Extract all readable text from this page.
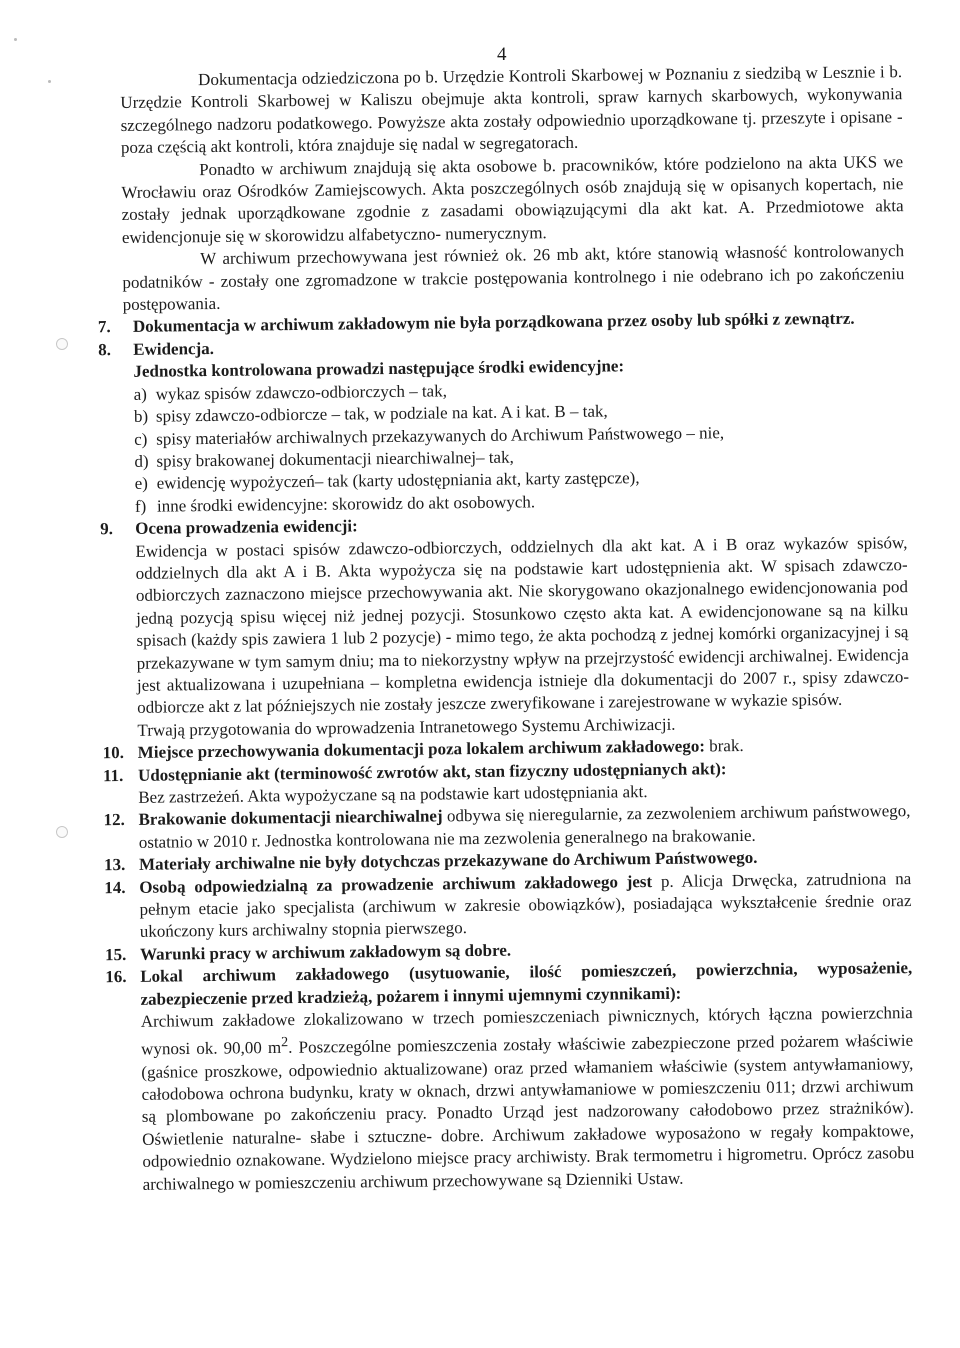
4

Dokumentacja odziedziczona po b. Urzędzie Kontroli Skarbowej w Poznaniu z siedzibą w Lesznie i b. Urzędzie Kontroli Skarbowej w Kaliszu obejmuje akta kontroli, spraw karnych skarbowych, wykonywania szczególnego nadzoru podatkowego. Powyższe akta zostały odpowiednio uporządkowane tj. przeszyte i opisane - poza częścią akt kontroli, która znajduje się nadal w segregatorach.

Ponadto w archiwum znajdują się akta osobowe b. pracowników, które podzielono na akta UKS we Wrocławiu oraz Ośrodków Zamiejscowych. Akta poszczególnych osób znajdują się w opisanych kopertach, nie zostały jednak uporządkowane zgodnie z zasadami obowiązującymi dla akt kat. A. Przedmiotowe akta ewidencjonuje się w skorowidzu alfabetyczno- numerycznym.

W archiwum przechowywana jest również ok. 26 mb akt, które stanowią własność kontrolowanych podatników - zostały one zgromadzone w trakcie postępowania kontrolnego i nie odebrano ich po zakończeniu postępowania.

7. Dokumentacja w archiwum zakładowym nie była porządkowana przez osoby lub spółki z zewnątrz.
8. Ewidencja.
Jednostka kontrolowana prowadzi następujące środki ewidencyjne:
a) wykaz spisów zdawczo-odbiorczych – tak,
b) spisy zdawczo-odbiorcze – tak, w podziale na kat. A i kat. B – tak,
c) spisy materiałów archiwalnych przekazywanych do Archiwum Państwowego – nie,
d) spisy brakowanej dokumentacji niearchiwalnej– tak,
e) ewidencję wypożyczeń– tak (karty udostępniania akt, karty zastępcze),
f) inne środki ewidencyjne: skorowidz do akt osobowych.
9. Ocena prowadzenia ewidencji:

Ewidencja w postaci spisów zdawczo-odbiorczych, oddzielnych dla akt kat. A i B oraz wykazów spisów, oddzielnych dla akt A i B. Akta wypożycza się na podstawie kart udostępnienia akt. W spisach zdawczo-odbiorczych zaznaczono miejsce przechowywania akt. Nie skorygowano okazjonalnego ewidencjonowania pod jedną pozycją spisu więcej niż jednej pozycji. Stosunkowo często akta kat. A ewidencjonowane są na kilku spisach (każdy spis zawiera 1 lub 2 pozycje) - mimo tego, że akta pochodzą z jednej komórki organizacyjnej i są przekazywane w tym samym dniu; ma to niekorzystny wpływ na przejrzystość ewidencji archiwalnej. Ewidencja jest aktualizowana i uzupełniana – kompletna ewidencja istnieje dla dokumentacji do 2007 r., spisy zdawczo-odbiorcze akt z lat późniejszych nie zostały jeszcze zweryfikowane i zarejestrowane w wykazie spisów.

Trwają przygotowania do wprowadzenia Intranetowego Systemu Archiwizacji.

10. Miejsce przechowywania dokumentacji poza lokalem archiwum zakładowego: brak.
11. Udostępnianie akt (terminowość zwrotów akt, stan fizyczny udostępnianych akt):

Bez zastrzeżeń. Akta wypożyczane są na podstawie kart udostępniania akt.

12. Brakowanie dokumentacji niearchiwalnej odbywa się nieregularnie, za zezwoleniem archiwum państwowego, ostatnio w 2010 r. Jednostka kontrolowana nie ma zezwolenia generalnego na brakowanie.
13. Materiały archiwalne nie były dotychczas przekazywane do Archiwum Państwowego.
14. Osobą odpowiedzialną za prowadzenie archiwum zakładowego jest p. Alicja Drwęcka, zatrudniona na pełnym etacie jako specjalista (archiwum w zakresie obowiązków), posiadająca wykształcenie średnie oraz ukończony kurs archiwalny stopnia pierwszego.
15. Warunki pracy w archiwum zakładowym są dobre.
16. Lokal archiwum zakładowego (usytuowanie, ilość pomieszczeń, powierzchnia, wyposażenie, zabezpieczenie przed kradzieżą, pożarem i innymi ujemnymi czynnikami):

Archiwum zakładowe zlokalizowano w trzech pomieszczeniach piwnicznych, których łączna powierzchnia wynosi ok. 90,00 $m^2$. Poszczególne pomieszczenia zostały właściwie zabezpieczone przed pożarem właściwie (gaśnice proszkowe, odpowiednio aktualizowane) oraz przed włamaniem właściwie (system antywłamaniowy, całodobowa ochrona budynku, kraty w oknach, drzwi antywłamaniowe w pomieszczeniu 011; drzwi archiwum są plombowane po zakończeniu pracy. Ponadto Urząd jest nadzorowany całodobowo przez strażników). Oświetlenie naturalne- słabe i sztuczne- dobre. Archiwum zakładowe wyposażono w regały kompaktowe, odpowiednio oznakowane. Wydzielono miejsce pracy archiwisty. Brak termometru i higrometru. Oprócz zasobu archiwalnego w pomieszczeniu archiwum przechowywane są Dzienniki Ustaw.
